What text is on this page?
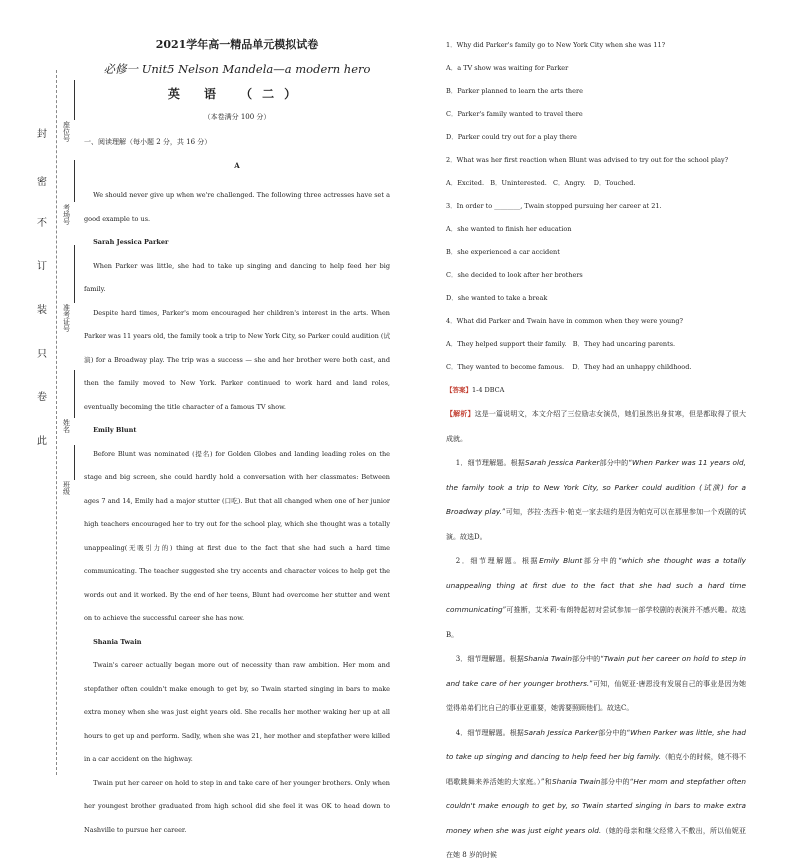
封
密
不
订
装
只
卷
此
座位号
考场号
准考证号
姓名
班级
2021学年高一精品单元模拟试卷
必修一 Unit5 Nelson Mandela—a modern hero
英 语 （二）
（本卷满分 100 分）
一、阅读理解（每小题 2 分，共 16 分）
A

We should never give up when we're challenged. The following three actresses have set a good example to us.

Sarah Jessica Parker

When Parker was little, she had to take up singing and dancing to help feed her big family.

Despite hard times, Parker's mom encouraged her children's interest in the arts. When Parker was 11 years old, the family took a trip to New York City, so Parker could audition (试演) for a Broadway play. The trip was a success — she and her brother were both cast, and then the family moved to New York. Parker continued to work hard and land roles, eventually becoming the title character of a famous TV show.

Emily Blunt

Before Blunt was nominated (提名) for Golden Globes and landing leading roles on the stage and big screen, she could hardly hold a conversation with her classmates: Between ages 7 and 14, Emily had a major stutter (口吃). But that all changed when one of her junior high teachers encouraged her to try out for the school play, which she thought was a totally unappealing(无吸引力的) thing at first due to the fact that she had such a hard time communicating. The teacher suggested she try accents and character voices to help get the words out and it worked. By the end of her teens, Blunt had overcome her stutter and went on to achieve the successful career she has now.

Shania Twain

Twain's career actually began more out of necessity than raw ambition. Her mom and stepfather often couldn't make enough to get by, so Twain started singing in bars to make extra money when she was just eight years old. She recalls her mother waking her up at all hours to get up and perform. Sadly, when she was 21, her mother and stepfather were killed in a car accident on the highway.

Twain put her career on hold to step in and take care of her younger brothers. Only when her youngest brother graduated from high school did she feel it was OK to head down to Nashville to pursue her career.

1．Why did Parker's family go to New York City when she was 11?

A．a TV show was waiting for Parker

B．Parker planned to learn the arts there

C．Parker's family wanted to travel there

D．Parker could try out for a play there

2．What was her first reaction when Blunt was advised to try out for the school play?

A．Excited.   B．Uninterested.   C．Angry.    D．Touched.

3．In order to ________, Twain stopped pursuing her career at 21.

A．she wanted to finish her education

B．she experienced a car accident

C．she decided to look after her brothers

D．she wanted to take a break

4．What did Parker and Twain have in common when they were young?

A．They helped support their family.   B．They had uncaring parents.

C．They wanted to become famous.    D．They had an unhappy childhood.

【答案】1-4 DBCA

【解析】这是一篇说明文，本文介绍了三位励志女演员，她们虽然出身贫寒，但是都取得了很大成就。

1．细节理解题。根据Sarah Jessica Parker部分中的“When Parker was 11 years old, the family took a trip to New York City, so Parker could audition (试演) for a Broadway play.”可知，莎拉·杰西卡·帕克一家去纽约是因为帕克可以在那里参加一个戏剧的试演。故选D。

2．细节理解题。根据Emily Blunt部分中的“which she thought was a totally unappealing thing at first due to the fact that she had such a hard time communicating”可推断，艾米莉·布朗特起初对尝试参加一部学校剧的表演并不感兴趣。故选B。

3．细节理解题。根据Shania Twain部分中的“Twain put her career on hold to step in and take care of her younger brothers.”可知，仙妮亚·唐恩没有发展自己的事业是因为她觉得弟弟们比自己的事业更重要，她需要照顾他们。故选C。

4．细节理解题。根据Sarah Jessica Parker部分中的“When Parker was little, she had to take up singing and dancing to help feed her big family.（帕克小的时候，她不得不唱歌跳舞来养活她的大家庭。）”和Shania Twain部分中的“Her mom and stepfather often couldn't make enough to get by, so Twain started singing in bars to make extra money when she was just eight years old.（她的母亲和继父经常入不敷出，所以仙妮亚在她 8 岁的时候
